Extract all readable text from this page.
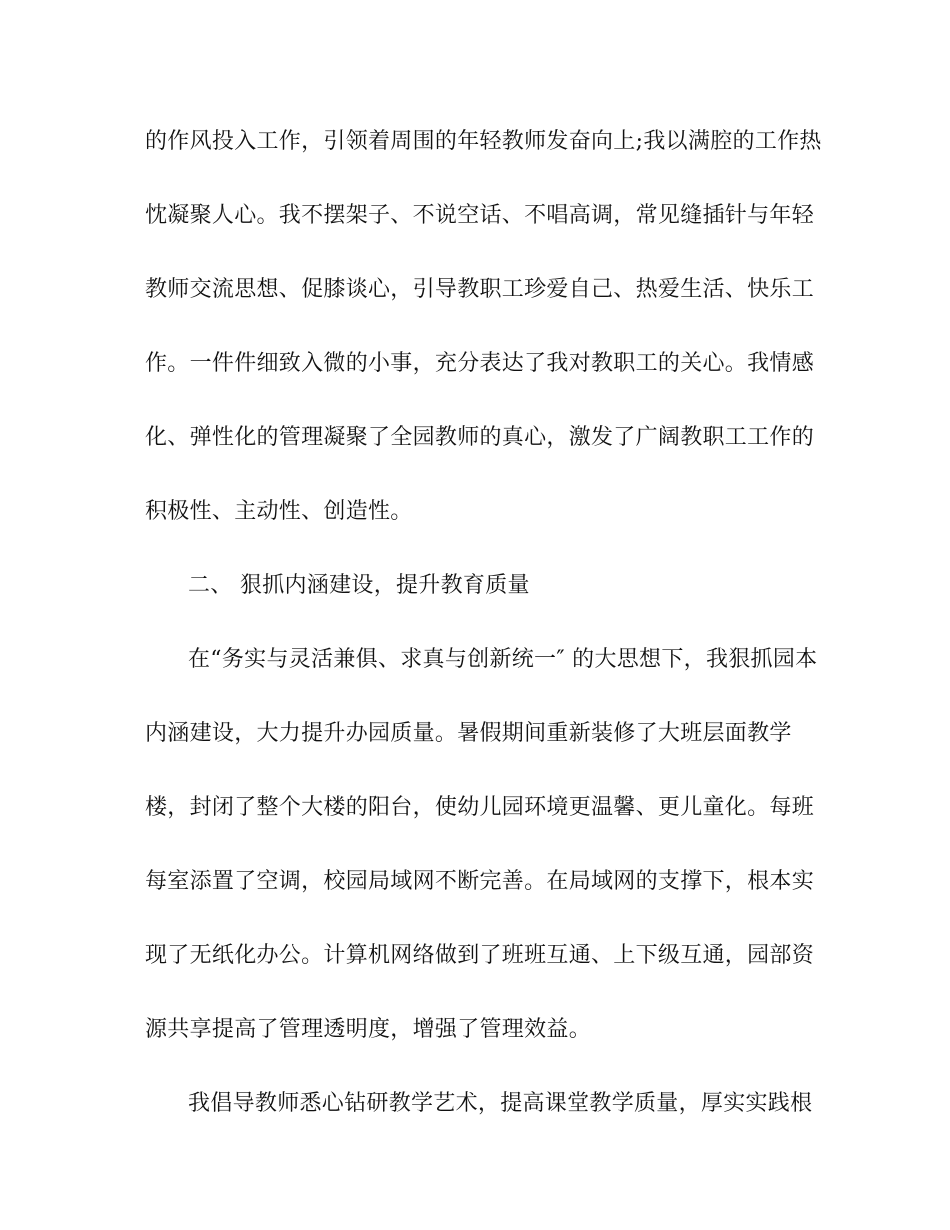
的作风投入工作，引领着周围的年轻教师发奋向上;我以满腔的工作热
忱凝聚人心。我不摆架子、不说空话、不唱高调，常见缝插针与年轻
教师交流思想、促膝谈心，引导教职工珍爱自己、热爱生活、快乐工
作。一件件细致入微的小事，充分表达了我对教职工的关心。我情感
化、弹性化的管理凝聚了全园教师的真心，激发了广阔教职工工作的
积极性、主动性、创造性。
二、 狠抓内涵建设，提升教育质量
在“务实与灵活兼俱、求真与创新统一″ 的大思想下，我狠抓园本
内涵建设，大力提升办园质量。暑假期间重新装修了大班层面教学
楼，封闭了整个大楼的阳台，使幼儿园环境更温馨、更儿童化。每班
每室添置了空调，校园局域网不断完善。在局域网的支撑下，根本实
现了无纸化办公。计算机网络做到了班班互通、上下级互通，园部资
源共享提高了管理透明度，增强了管理效益。
我倡导教师悉心钻研教学艺术，提高课堂教学质量，厚实实践根
